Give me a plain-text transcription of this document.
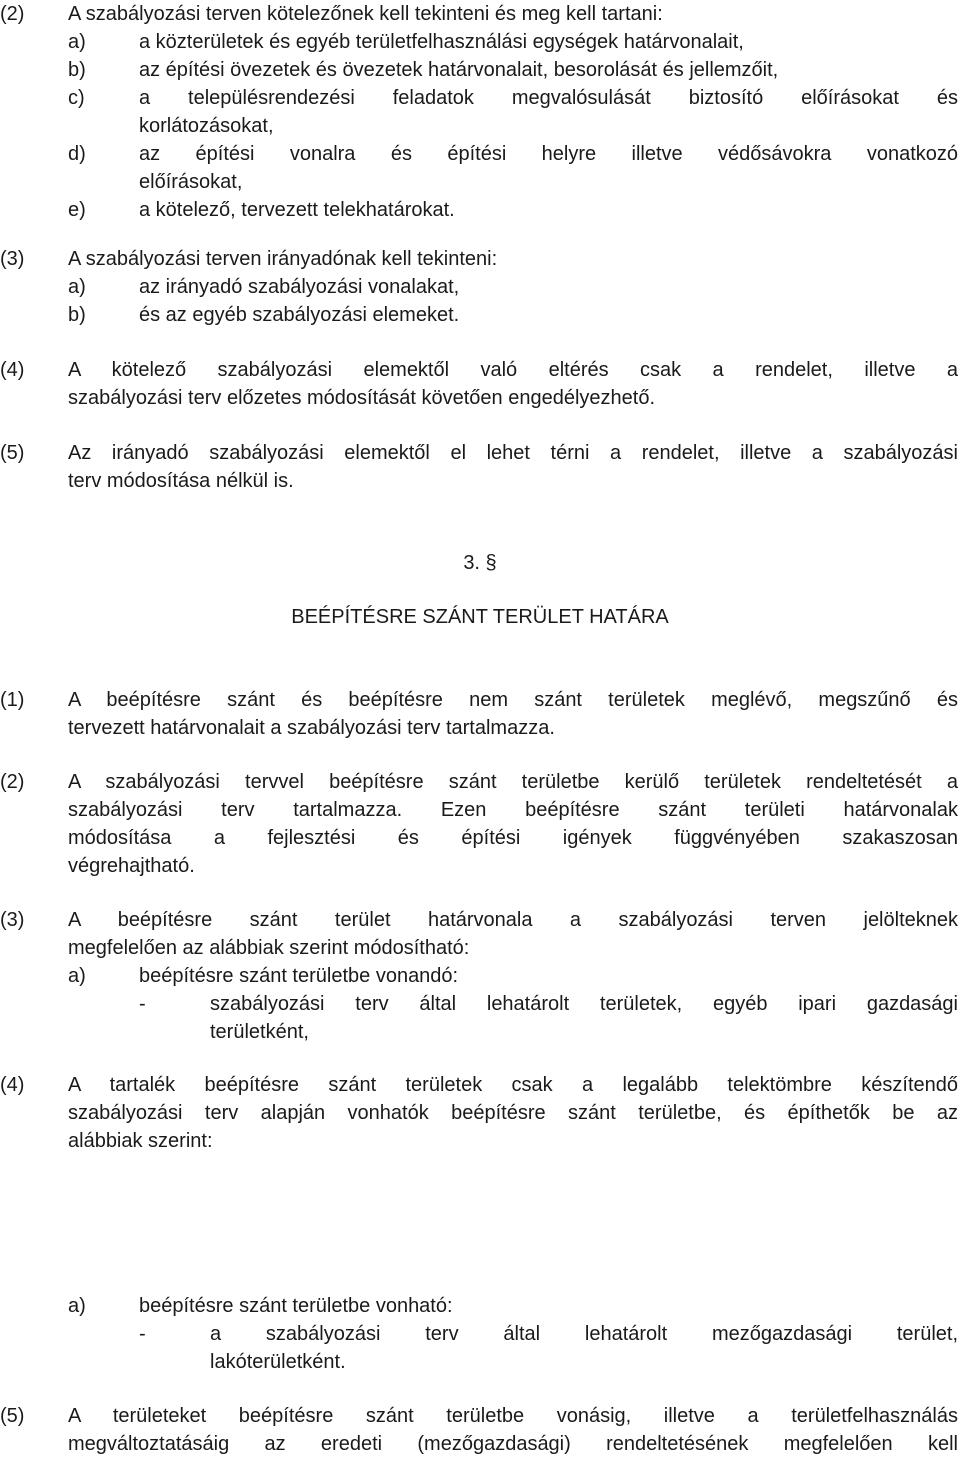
(2) A szabályozási terven kötelezőnek kell tekinteni és meg kell tartani:
a)	a közterületek és egyéb területfelhasználási egységek határvonalait,
b)	az építési övezetek és övezetek határvonalait, besorolását és jellemzőit,
c)	a településrendezési feladatok megvalósulását biztosító előírásokat és
korlátozásokat,
d)	az építési vonalra és építési helyre illetve védősávokra vonatkozó
előírásokat,
e)	a kötelező, tervezett telekhatárokat.
(3) A szabályozási terven irányadónak kell tekinteni:
a)	az irányadó szabályozási vonalakat,
b)	és az egyéb szabályozási elemeket.
(4) A kötelező szabályozási elemektől való eltérés csak a rendelet, illetve a
szabályozási terv előzetes módosítását követően engedélyezhető.
(5) Az irányadó szabályozási elemektől el lehet térni a rendelet, illetve a szabályozási
terv módosítása nélkül is.
3. §
BEÉPÍTÉSRE SZÁNT TERÜLET HATÁRA
(1) A beépítésre szánt és beépítésre nem szánt területek meglévő, megszűnő és
tervezett határvonalait a szabályozási terv tartalmazza.
(2) A szabályozási tervvel beépítésre szánt területbe kerülő területek rendeltetését a
szabályozási terv tartalmazza. Ezen beépítésre szánt területi határvonalak
módosítása a fejlesztési és építési igények függvényében szakaszosan
végrehajtható.
(3) A beépítésre szánt terület határvonala a szabályozási terven jelölteknek
megfelelően az alábbiak szerint módosítható:
a)	beépítésre szánt területbe vonandó:
-	szabályozási terv által lehatárolt területek, egyéb ipari gazdasági
területként,
(4) A tartalék beépítésre szánt területek csak a legalább telektömbre készítendő
szabályozási terv alapján vonhatók beépítésre szánt területbe, és építhetők be az
alábbiak szerint:
a)	beépítésre szánt területbe vonható:
-	a szabályozási terv által lehatárolt mezőgazdasági terület,
lakóterületként.
(5) A területeket beépítésre szánt területbe vonásig, illetve a területfelhasználás
megváltoztatásáig az eredeti (mezőgazdasági) rendeltetésének megfelelően kell
